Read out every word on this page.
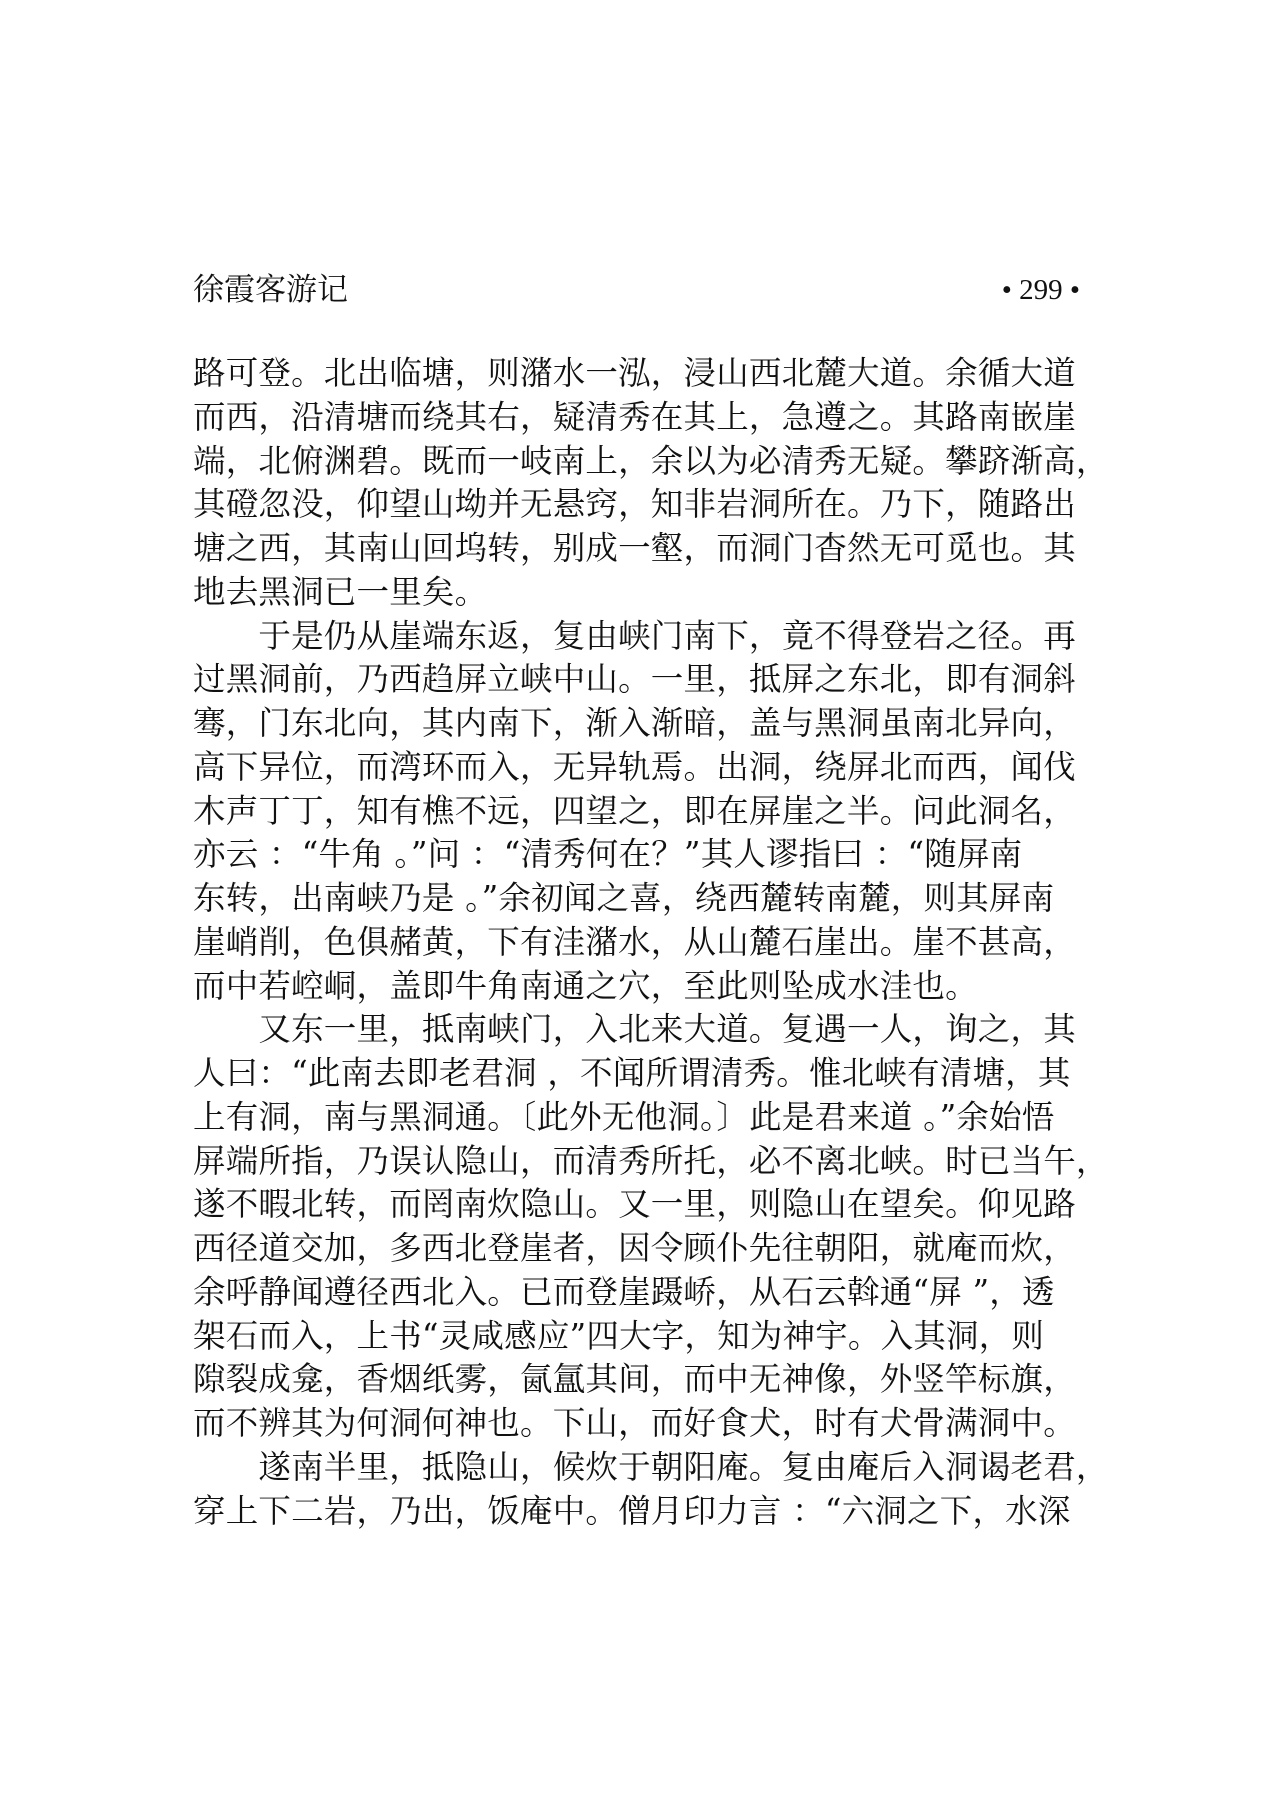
徐霞客游记	• 299 •
路可登。北出临塘，则潴水一泓，浸山西北麓大道。余循大道
而西，沿清塘而绕其右，疑清秀在其上，急遵之。其路南嵌崖
端，北俯渊碧。既而一岐南上，余以为必清秀无疑。攀跻渐高，
其磴忽没，仰望山坳并无悬窍，知非岩洞所在。乃下，随路出
塘之西，其南山回坞转，别成一壑，而洞门杳然无可觅也。其
地去黑洞已一里矣。
　　于是仍从崖端东返，复由峡门南下，竟不得登岩之径。再
过黑洞前，乃西趋屏立峡中山。一里，抵屏之东北，即有洞斜
骞，门东北向，其内南下，渐入渐暗，盖与黑洞虽南北异向，
高下异位，而湾环而入，无异轨焉。出洞，绕屏北而西，闻伐
木声丁丁，知有樵不远，四望之，即在屏崖之半。问此洞名，
亦云 ：“牛角 。”问 ：“清秀何在？”其人谬指曰 ：“随屏南
东转，出南峡乃是 。”余初闻之喜，绕西麓转南麓，则其屏南
崖峭削，色俱赭黄，下有洼潴水，从山麓石崖出。崖不甚高，
而中若崆峒，盖即牛角南通之穴，至此则坠成水洼也。
　　又东一里，抵南峡门，入北来大道。复遇一人，询之，其
人曰：“此南去即老君洞 ，不闻所谓清秀。惟北峡有清塘，其
上有洞，南与黑洞通。〔此外无他洞。〕此是君来道 。”余始悟
屏端所指，乃误认隐山，而清秀所托，必不离北峡。时已当午，
遂不暇北转，而罔南炊隐山。又一里，则隐山在望矣。仰见路
西径道交加，多西北登崖者，因令顾仆先往朝阳，就庵而炊，
余呼静闻遵径西北入。已而登崖蹑峤，从石云斡通“屏 ”，透
架石而入，上书“灵咸感应”四大字，知为神宇。入其洞，则
隙裂成龛，香烟纸雾，氤氲其间，而中无神像，外竖竿标旗，
而不辨其为何洞何神也。下山，而好食犬，时有犬骨满洞中。
　　遂南半里，抵隐山，候炊于朝阳庵。复由庵后入洞谒老君，
穿上下二岩，乃出，饭庵中。僧月印力言 ：“六洞之下，水深
